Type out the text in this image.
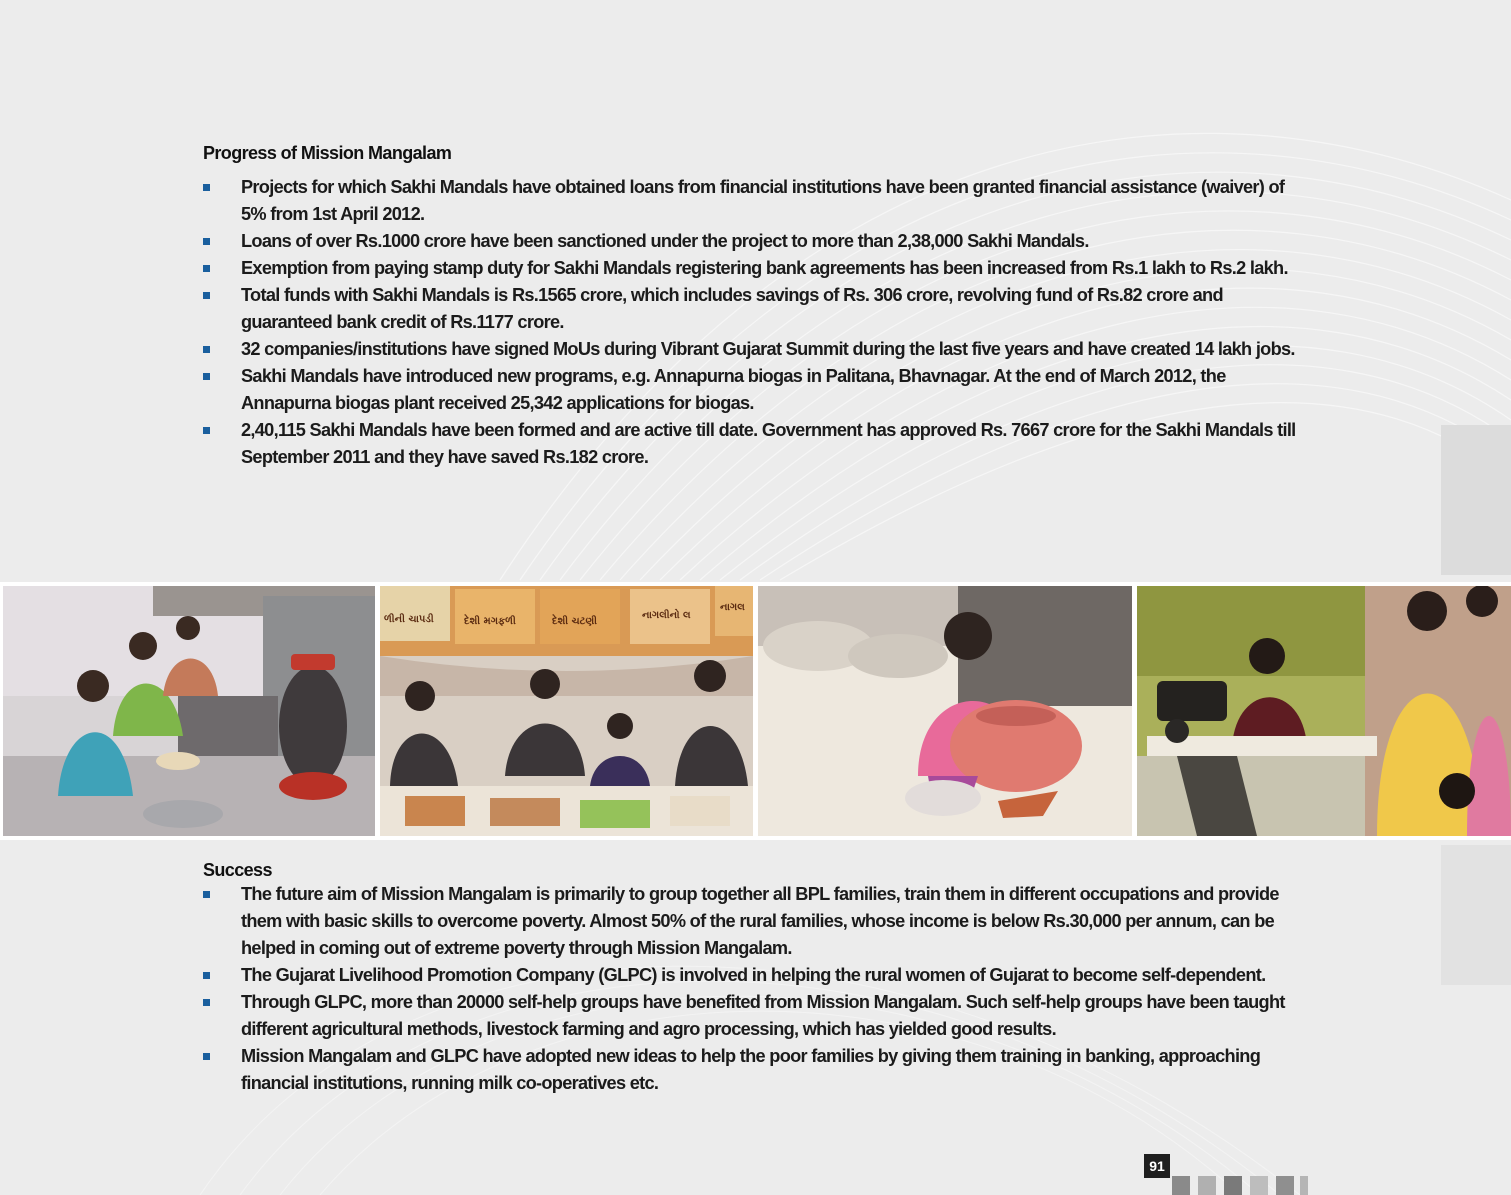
Progress of Mission Mangalam
Projects for which Sakhi Mandals have obtained loans from financial institutions have been granted financial assistance (waiver) of 5% from 1st April 2012.
Loans of over Rs.1000 crore have been sanctioned under the project to more than 2,38,000 Sakhi Mandals.
Exemption from paying stamp duty for Sakhi Mandals registering bank agreements has been increased from Rs.1 lakh to Rs.2 lakh.
Total funds with Sakhi Mandals is Rs.1565 crore, which includes savings of Rs. 306 crore, revolving fund of Rs.82 crore and guaranteed bank credit of Rs.1177 crore.
32 companies/institutions have signed MoUs during Vibrant Gujarat Summit during the last five years and have created 14 lakh jobs.
Sakhi Mandals have introduced new programs, e.g. Annapurna biogas in Palitana, Bhavnagar. At the end of March 2012, the Annapurna biogas plant received 25,342 applications for biogas.
2,40,115 Sakhi Mandals have been formed and are active till date. Government has approved Rs. 7667 crore for the Sakhi Mandals till September 2011 and they have saved Rs.182 crore.
ળીની ચાપડી	દેશી મગફળી	દેશી ચટણી
નાગલીનો લ
નાગલ
Success
The future aim of Mission Mangalam is primarily to group together all BPL families, train them in different occupations and provide them with basic skills to overcome poverty. Almost 50% of the rural families, whose income is below Rs.30,000 per annum, can be helped in coming out of extreme poverty through Mission Mangalam.
The Gujarat Livelihood Promotion Company (GLPC) is involved in helping the rural women of Gujarat to become self-dependent.
Through GLPC, more than 20000 self-help groups have benefited from Mission Mangalam. Such self-help groups have been taught different agricultural methods, livestock farming and agro processing, which has yielded good results.
Mission Mangalam and GLPC have adopted new ideas to help the poor families by giving them training in banking, approaching financial institutions, running milk co-operatives etc.
91
